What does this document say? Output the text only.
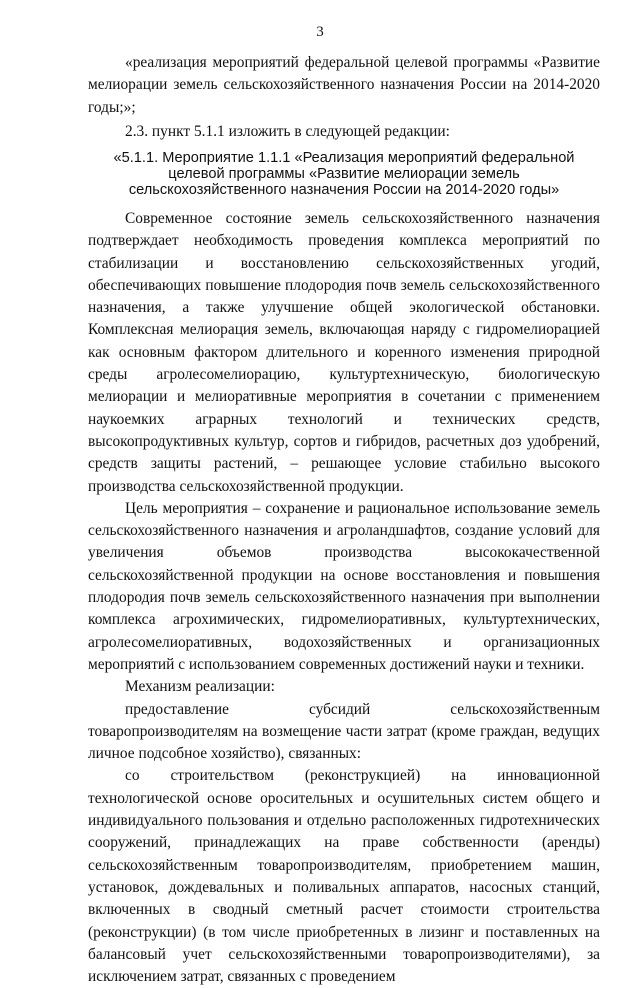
3

«реализация мероприятий федеральной целевой программы «Развитие мелиорации земель сельскохозяйственного назначения России на 2014-2020 годы;»;

2.3. пункт 5.1.1 изложить в следующей редакции:

«5.1.1. Мероприятие 1.1.1 «Реализация мероприятий федеральной целевой программы «Развитие мелиорации земель сельскохозяйственного назначения России на 2014-2020 годы»

Современное состояние земель сельскохозяйственного назначения подтверждает необходимость проведения комплекса мероприятий по стабилизации и восстановлению сельскохозяйственных угодий, обеспечивающих повышение плодородия почв земель сельскохозяйственного назначения, а также улучшение общей экологической обстановки. Комплексная мелиорация земель, включающая наряду с гидромелиорацией как основным фактором длительного и коренного изменения природной среды агролесомелиорацию, культуртехническую, биологическую мелиорации и мелиоративные мероприятия в сочетании с применением наукоемких аграрных технологий и технических средств, высокопродуктивных культур, сортов и гибридов, расчетных доз удобрений, средств защиты растений, – решающее условие стабильно высокого производства сельскохозяйственной продукции.

Цель мероприятия – сохранение и рациональное использование земель сельскохозяйственного назначения и агроландшафтов, создание условий для увеличения объемов производства высококачественной сельскохозяйственной продукции на основе восстановления и повышения плодородия почв земель сельскохозяйственного назначения при выполнении комплекса агрохимических, гидромелиоративных, культуртехнических, агролесомелиоративных, водохозяйственных и организационных мероприятий с использованием современных достижений науки и техники.

Механизм реализации:

предоставление субсидий сельскохозяйственным товаропроизводителям на возмещение части затрат (кроме граждан, ведущих личное подсобное хозяйство), связанных:

со строительством (реконструкцией) на инновационной технологической основе оросительных и осушительных систем общего и индивидуального пользования и отдельно расположенных гидротехнических сооружений, принадлежащих на праве собственности (аренды) сельскохозяйственным товаропроизводителям, приобретением машин, установок, дождевальных и поливальных аппаратов, насосных станций, включенных в сводный сметный расчет стоимости строительства (реконструкции) (в том числе приобретенных в лизинг и поставленных на балансовый учет сельскохозяйственными товаропроизводителями), за исключением затрат, связанных с проведением
